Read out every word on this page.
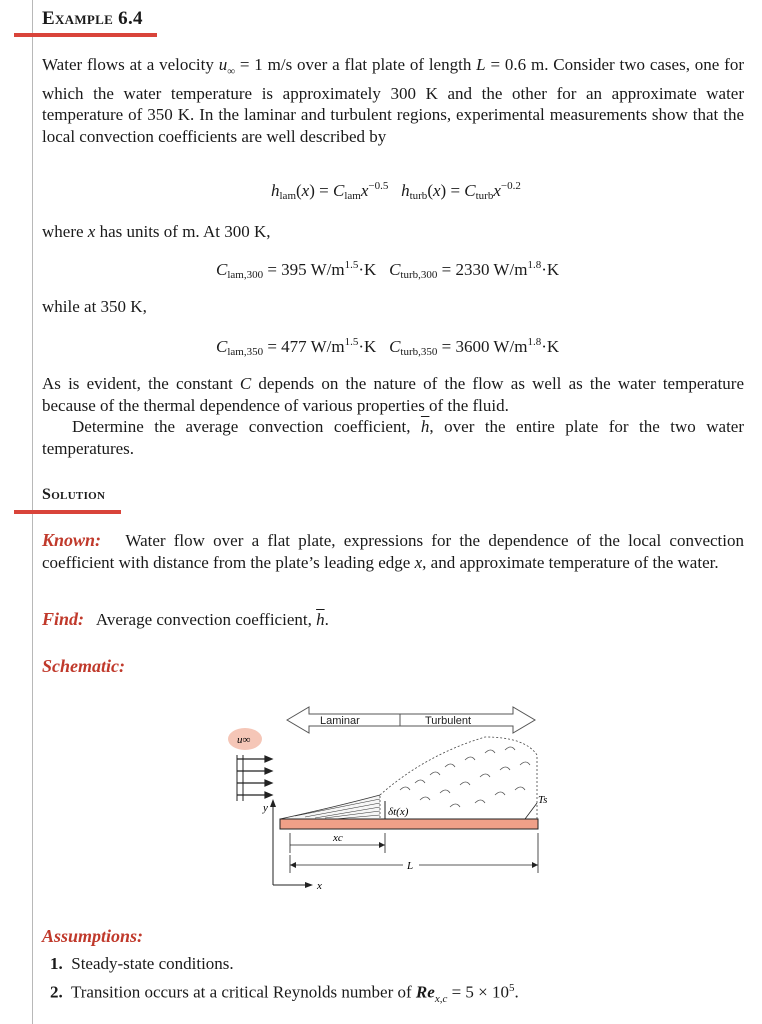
Example 6.4
Water flows at a velocity $u_\infty = 1$ m/s over a flat plate of length L = 0.6 m. Consider two cases, one for which the water temperature is approximately 300 K and the other for an approximate water temperature of 350 K. In the laminar and turbulent regions, experimental measurements show that the local convection coefficients are well described by
$h_{lam}(x) = C_{lam}x^{-0.5}$ $h_{turb}(x) = C_{turb}x^{-0.2}$
where x has units of m. At 300 K,
$C_{lam,300} = 395$ $W/m^{1.5}\cdot K$   $C_{turb,300} = 2330$ $W/m^{1.8}\cdot K$
while at 350 K,
$C_{lam,350} = 477$ $W/m^{1.5}\cdot K$   $C_{turb,350} = 3600$ $W/m^{1.8}\cdot K$
As is evident, the constant C depends on the nature of the flow as well as the water temperature because of the thermal dependence of various properties of the fluid.
Determine the average convection coefficient, $\overline{h}$, over the entire plate for the two water temperatures.
Solution
Known:   Water flow over a flat plate, expressions for the dependence of the local convection coefficient with distance from the plate’s leading edge x, and approximate temperature of the water.
Find:   Average convection coefficient, $\overline{h}$.
Schematic:
Laminar	Turbulent
u∞
y
x
δt(x)
Ts
xc
L
Assumptions:
1.  Steady-state conditions.
2.  Transition occurs at a critical Reynolds number of $Re_{x,c} = 5 \times 10^5$.
